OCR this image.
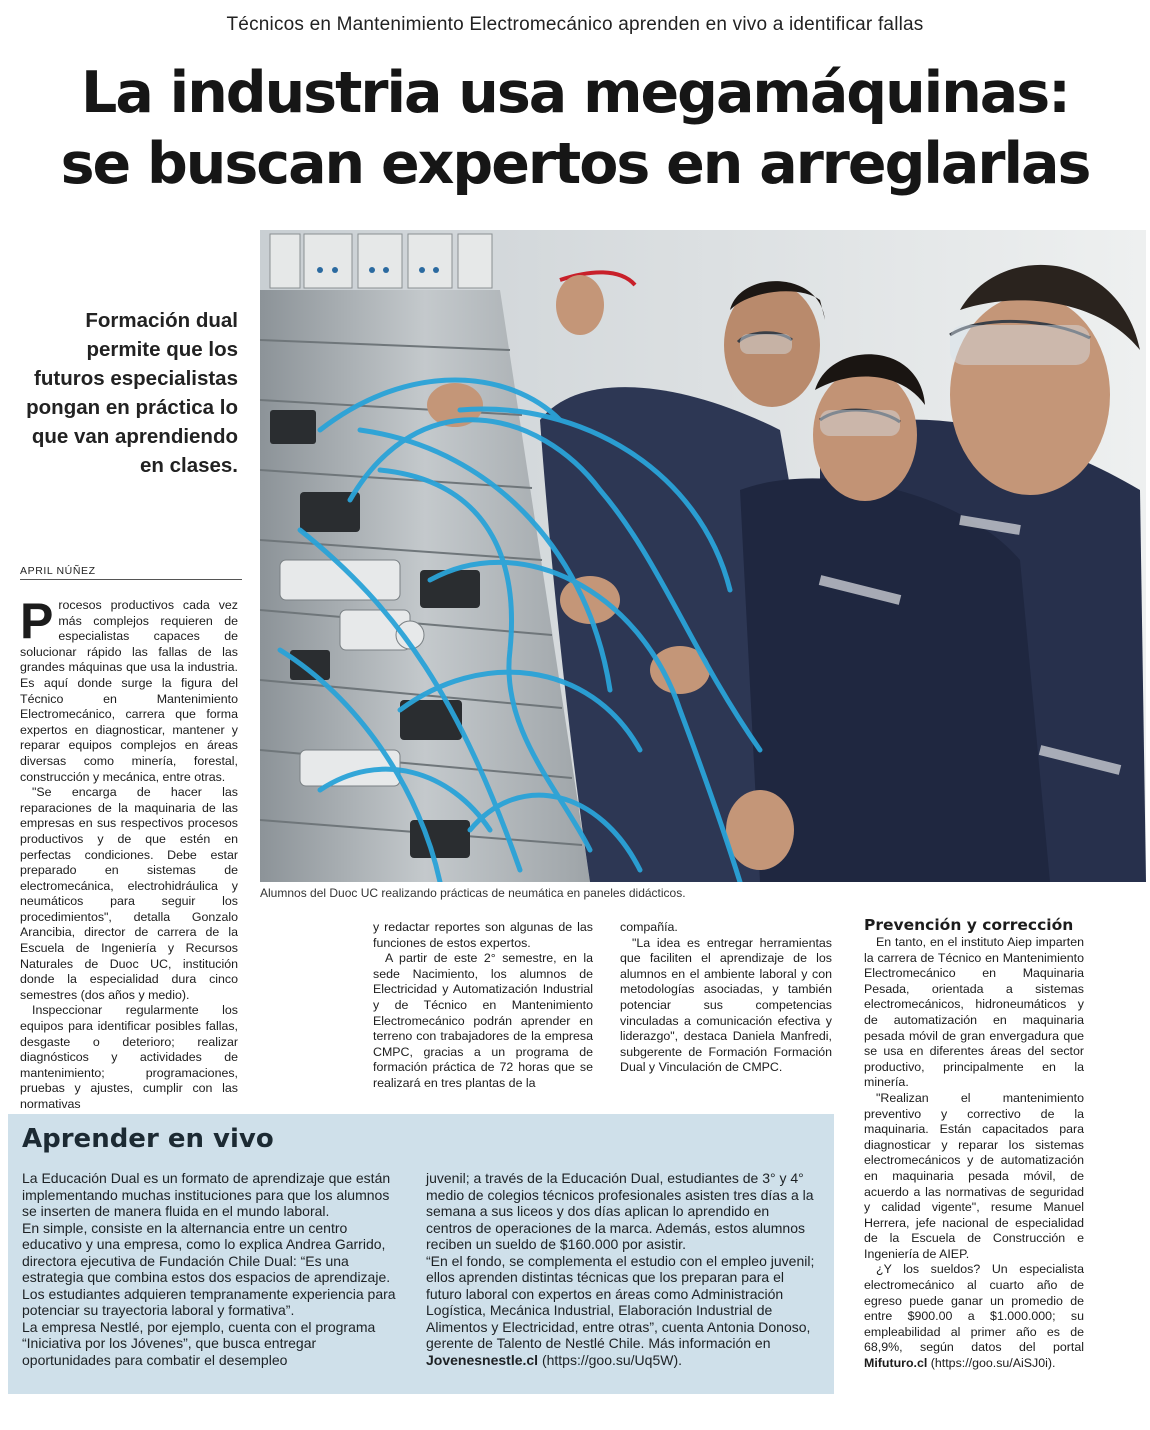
Técnicos en Mantenimiento Electromecánico aprenden en vivo a identificar fallas
La industria usa megamáquinas:
se buscan expertos en arreglarlas
Formación dual permite que los futuros especialistas pongan en práctica lo que van aprendiendo en clases.
APRIL NÚÑEZ
Alumnos del Duoc UC realizando prácticas de neumática en paneles didácticos.

Procesos productivos cada vez más complejos requieren de especialistas capaces de solucionar rápido las fallas de las grandes máquinas que usa la industria. Es aquí donde surge la figura del Técnico en Mantenimiento Electromecánico, carrera que forma expertos en diagnosticar, mantener y reparar equipos complejos en áreas diversas como minería, forestal, construcción y mecánica, entre otras.

"Se encarga de hacer las reparaciones de la maquinaria de las empresas en sus respectivos procesos productivos y de que estén en perfectas condiciones. Debe estar preparado en sistemas de electromecánica, electrohidráulica y neumáticos para seguir los procedimientos", detalla Gonzalo Arancibia, director de carrera de la Escuela de Ingeniería y Recursos Naturales de Duoc UC, institución donde la especialidad dura cinco semestres (dos años y medio).

Inspeccionar regularmente los equipos para identificar posibles fallas, desgaste o deterioro; realizar diagnósticos y actividades de mantenimiento; programaciones, pruebas y ajustes, cumplir con las normativas

y redactar reportes son algunas de las funciones de estos expertos.

A partir de este 2° semestre, en la sede Nacimiento, los alumnos de Electricidad y Automatización Industrial y de Técnico en Mantenimiento Electromecánico podrán aprender en terreno con trabajadores de la empresa CMPC, gracias a un programa de formación práctica de 72 horas que se realizará en tres plantas de la

compañía.

"La idea es entregar herramientas que faciliten el aprendizaje de los alumnos en el ambiente laboral y con metodologías asociadas, y también potenciar sus competencias vinculadas a comunicación efectiva y liderazgo", destaca Daniela Manfredi, subgerente de Formación Formación Dual y Vinculación de CMPC.

Prevención y corrección

En tanto, en el instituto Aiep imparten la carrera de Técnico en Mantenimiento Electromecánico en Maquinaria Pesada, orientada a sistemas electromecánicos, hidroneumáticos y de automatización en maquinaria pesada móvil de gran envergadura que se usa en diferentes áreas del sector productivo, principalmente en la minería.

"Realizan el mantenimiento preventivo y correctivo de la maquinaria. Están capacitados para diagnosticar y reparar los sistemas electromecánicos y de automatización en maquinaria pesada móvil, de acuerdo a las normativas de seguridad y calidad vigente", resume Manuel Herrera, jefe nacional de especialidad de la Escuela de Construcción e Ingeniería de AIEP.

¿Y los sueldos? Un especialista electromecánico al cuarto año de egreso puede ganar un promedio de entre $900.00 a $1.000.000; su empleabilidad al primer año es de 68,9%, según datos del portal Mifuturo.cl (https://goo.su/AiSJ0i).

Aprender en vivo

La Educación Dual es un formato de aprendizaje que están implementando muchas instituciones para que los alumnos se inserten de manera fluida en el mundo laboral.

En simple, consiste en la alternancia entre un centro educativo y una empresa, como lo explica Andrea Garrido, directora ejecutiva de Fundación Chile Dual: “Es una estrategia que combina estos dos espacios de aprendizaje. Los estudiantes adquieren tempranamente experiencia para potenciar su trayectoria laboral y formativa”.

La empresa Nestlé, por ejemplo, cuenta con el programa “Iniciativa por los Jóvenes”, que busca entregar oportunidades para combatir el desempleo

juvenil; a través de la Educación Dual, estudiantes de 3° y 4° medio de colegios técnicos profesionales asisten tres días a la semana a sus liceos y dos días aplican lo aprendido en centros de operaciones de la marca. Además, estos alumnos reciben un sueldo de $160.000 por asistir.

“En el fondo, se complementa el estudio con el empleo juvenil; ellos aprenden distintas técnicas que los preparan para el futuro laboral con expertos en áreas como Administración Logística, Mecánica Industrial, Elaboración Industrial de Alimentos y Electricidad, entre otras”, cuenta Antonia Donoso, gerente de Talento de Nestlé Chile. Más información en Jovenesnestle.cl (https://goo.su/Uq5W).
